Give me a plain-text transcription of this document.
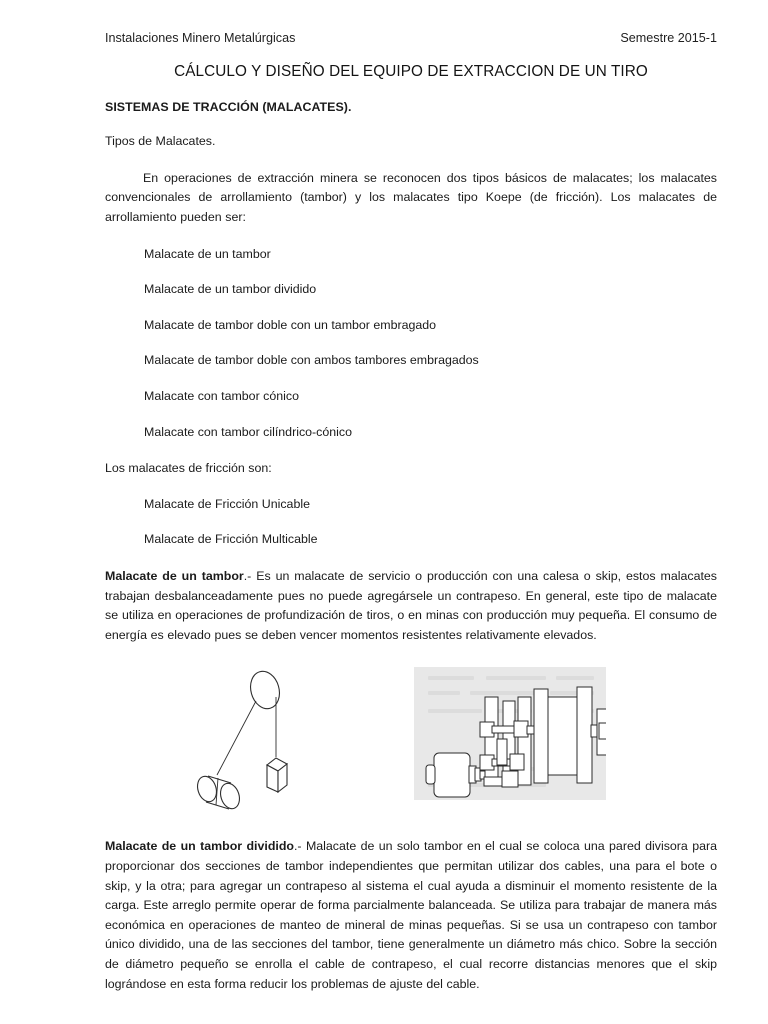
Instalaciones Minero Metalúrgicas	Semestre 2015-1
CÁLCULO Y DISEÑO DEL EQUIPO DE EXTRACCION DE UN TIRO
SISTEMAS DE TRACCIÓN (MALACATES).
Tipos de Malacates.

En operaciones de extracción minera se reconocen dos tipos básicos de malacates; los malacates convencionales de arrollamiento (tambor) y los malacates tipo Koepe (de fricción). Los malacates de arrollamiento pueden ser:

Malacate de un tambor
Malacate de un tambor dividido
Malacate de tambor doble con un tambor embragado
Malacate de tambor doble con ambos tambores embragados
Malacate con tambor cónico
Malacate con tambor cilíndrico-cónico
Los malacates de fricción son:
Malacate de Fricción Unicable
Malacate de Fricción Multicable

Malacate de un tambor.- Es un malacate de servicio o producción con una calesa o skip, estos malacates trabajan desbalanceadamente pues no puede agregársele un contrapeso. En general, este tipo de malacate se utiliza en operaciones de profundización de tiros, o en minas con producción muy pequeña. El consumo de energía es elevado pues se deben vencer momentos resistentes relativamente elevados.

Malacate de un tambor dividido.- Malacate de un solo tambor en el cual se coloca una pared divisora para proporcionar dos secciones de tambor independientes que permitan utilizar dos cables, una para el bote o skip, y la otra; para agregar un contrapeso al sistema el cual ayuda a disminuir el momento resistente de la carga. Este arreglo permite operar de forma parcialmente balanceada. Se utiliza para trabajar de manera más económica en operaciones de manteo de mineral de minas pequeñas. Si se usa un contrapeso con tambor único dividido, una de las secciones del tambor, tiene generalmente un diámetro más chico. Sobre la sección de diámetro pequeño se enrolla el cable de contrapeso, el cual recorre distancias menores que el skip lográndose en esta forma reducir los problemas de ajuste del cable.
